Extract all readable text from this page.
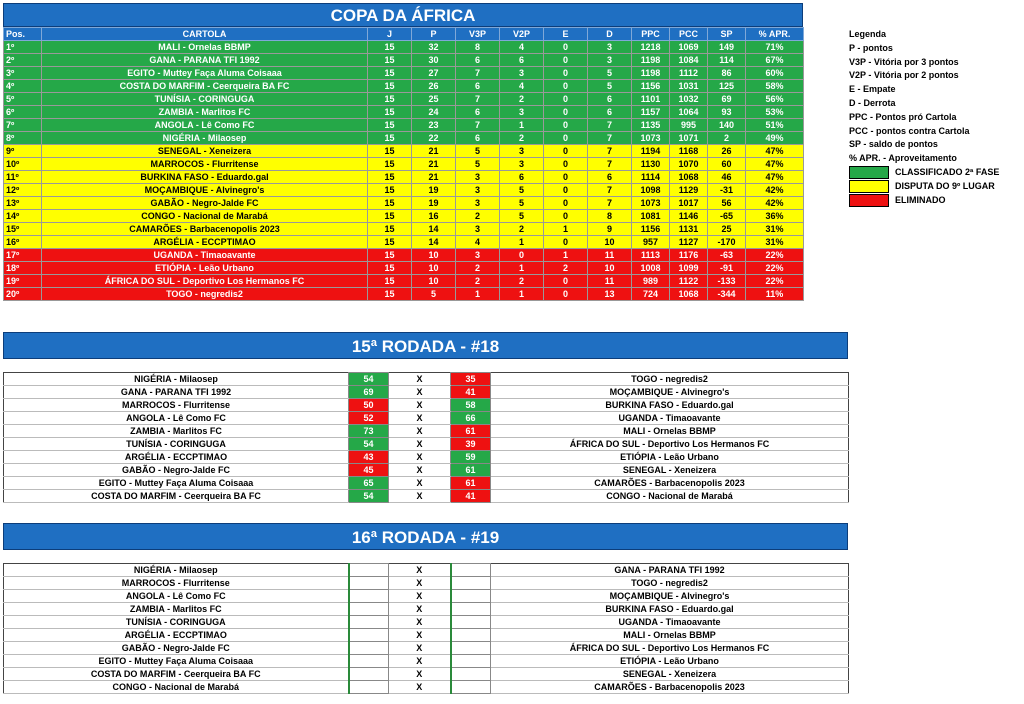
COPA DA ÁFRICA
Pos.	CARTOLA	J	P	V3P	V2P	E	D	PPC	PCC	SP	% APR.
1º	MALI - Ornelas BBMP	15	32	8	4	0	3	1218	1069	149	71%
2º	GANA - PARANA TFI 1992	15	30	6	6	0	3	1198	1084	114	67%
3º	EGITO - Muttey Faça Aluma Coisaaa	15	27	7	3	0	5	1198	1112	86	60%
4º	COSTA DO MARFIM - Ceerqueira BA FC	15	26	6	4	0	5	1156	1031	125	58%
5º	TUNÍSIA - CORINGUGA	15	25	7	2	0	6	1101	1032	69	56%
6º	ZAMBIA - Marlitos FC	15	24	6	3	0	6	1157	1064	93	53%
7º	ANGOLA - Lê Como FC	15	23	7	1	0	7	1135	995	140	51%
8º	NIGÉRIA - Milaosep	15	22	6	2	0	7	1073	1071	2	49%
9º	SENEGAL - Xeneizera	15	21	5	3	0	7	1194	1168	26	47%
10º	MARROCOS - Flurritense	15	21	5	3	0	7	1130	1070	60	47%
11º	BURKINA FASO - Eduardo.gal	15	21	3	6	0	6	1114	1068	46	47%
12º	MOÇAMBIQUE - Alvinegro's	15	19	3	5	0	7	1098	1129	-31	42%
13º	GABÃO - Negro-Jalde FC	15	19	3	5	0	7	1073	1017	56	42%
14º	CONGO - Nacional de Marabá	15	16	2	5	0	8	1081	1146	-65	36%
15º	CAMARÕES - Barbacenopolis 2023	15	14	3	2	1	9	1156	1131	25	31%
16º	ARGÉLIA - ECCPTIMAO	15	14	4	1	0	10	957	1127	-170	31%
17º	UGANDA - Timaoavante	15	10	3	0	1	11	1113	1176	-63	22%
18º	ETIÓPIA - Leão Urbano	15	10	2	1	2	10	1008	1099	-91	22%
19º	ÁFRICA DO SUL - Deportivo Los Hermanos FC	15	10	2	2	0	11	989	1122	-133	22%
20º	TOGO - negredis2	15	5	1	1	0	13	724	1068	-344	11%
Legenda
P - pontos
V3P - Vitória por 3 pontos
V2P - Vitória por 2 pontos
E - Empate
D - Derrota
PPC - Pontos pró Cartola
PCC - pontos contra Cartola
SP - saldo de pontos
% APR. - Aproveitamento
CLASSIFICADO 2ª FASE
DISPUTA DO 9º LUGAR
ELIMINADO
15ª RODADA - #18
NIGÉRIA - Milaosep	54	X	35	TOGO - negredis2
GANA - PARANA TFI 1992	69	X	41	MOÇAMBIQUE - Alvinegro's
MARROCOS - Flurritense	50	X	58	BURKINA FASO - Eduardo.gal
ANGOLA - Lê Como FC	52	X	66	UGANDA - Timaoavante
ZAMBIA - Marlitos FC	73	X	61	MALI - Ornelas BBMP
TUNÍSIA - CORINGUGA	54	X	39	ÁFRICA DO SUL - Deportivo Los Hermanos FC
ARGÉLIA - ECCPTIMAO	43	X	59	ETIÓPIA - Leão Urbano
GABÃO - Negro-Jalde FC	45	X	61	SENEGAL - Xeneizera
EGITO - Muttey Faça Aluma Coisaaa	65	X	61	CAMARÕES - Barbacenopolis 2023
COSTA DO MARFIM - Ceerqueira BA FC	54	X	41	CONGO - Nacional de Marabá
16ª RODADA - #19
NIGÉRIA - Milaosep		X		GANA - PARANA TFI 1992
MARROCOS - Flurritense		X		TOGO - negredis2
ANGOLA - Lê Como FC		X		MOÇAMBIQUE - Alvinegro's
ZAMBIA - Marlitos FC		X		BURKINA FASO - Eduardo.gal
TUNÍSIA - CORINGUGA		X		UGANDA - Timaoavante
ARGÉLIA - ECCPTIMAO		X		MALI - Ornelas BBMP
GABÃO - Negro-Jalde FC		X		ÁFRICA DO SUL - Deportivo Los Hermanos FC
EGITO - Muttey Faça Aluma Coisaaa		X		ETIÓPIA - Leão Urbano
COSTA DO MARFIM - Ceerqueira BA FC		X		SENEGAL - Xeneizera
CONGO - Nacional de Marabá		X		CAMARÕES - Barbacenopolis 2023
